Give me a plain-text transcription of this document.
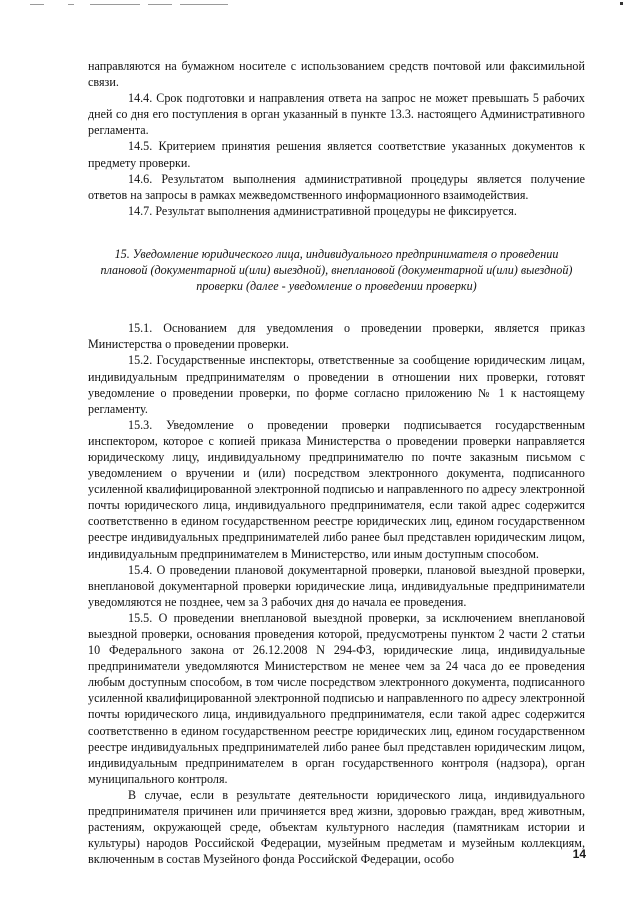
направляются на бумажном носителе с использованием средств почтовой или факсимильной связи.

14.4. Срок подготовки и направления ответа на запрос не может превышать 5 рабочих дней со дня его поступления в орган указанный в пункте 13.3. настоящего Административного регламента.

14.5. Критерием принятия решения является соответствие указанных документов к предмету проверки.

14.6. Результатом выполнения административной процедуры является получение ответов на запросы в рамках межведомственного информационного взаимодействия.

14.7. Результат выполнения административной процедуры не фиксируется.

15. Уведомление юридического лица, индивидуального предпринимателя о проведении плановой (документарной и(или) выездной), внеплановой (документарной и(или) выездной) проверки (далее - уведомление о проведении проверки)

15.1. Основанием для уведомления о проведении проверки, является приказ Министерства о проведении проверки.

15.2. Государственные инспекторы, ответственные за сообщение юридическим лицам, индивидуальным предпринимателям о проведении в отношении них проверки, готовят уведомление о проведении проверки, по форме согласно приложению № 1 к настоящему регламенту.

15.3. Уведомление о проведении проверки подписывается государственным инспектором, которое с копией приказа Министерства о проведении проверки направляется юридическому лицу, индивидуальному предпринимателю по почте заказным письмом с уведомлением о вручении и (или) посредством электронного документа, подписанного усиленной квалифицированной электронной подписью и направленного по адресу электронной почты юридического лица, индивидуального предпринимателя, если такой адрес содержится соответственно в едином государственном реестре юридических лиц, едином государственном реестре индивидуальных предпринимателей либо ранее был представлен юридическим лицом, индивидуальным предпринимателем в Министерство, или иным доступным способом.

15.4. О проведении плановой документарной проверки, плановой выездной проверки, внеплановой документарной проверки юридические лица, индивидуальные предприниматели уведомляются не позднее, чем за 3 рабочих дня до начала ее проведения.

15.5. О проведении внеплановой выездной проверки, за исключением внеплановой выездной проверки, основания проведения которой, предусмотрены пунктом 2 части 2 статьи 10 Федерального закона от 26.12.2008 N 294-ФЗ, юридические лица, индивидуальные предприниматели уведомляются Министерством не менее чем за 24 часа до ее проведения любым доступным способом, в том числе посредством электронного документа, подписанного усиленной квалифицированной электронной подписью и направленного по адресу электронной почты юридического лица, индивидуального предпринимателя, если такой адрес содержится соответственно в едином государственном реестре юридических лиц, едином государственном реестре индивидуальных предпринимателей либо ранее был представлен юридическим лицом, индивидуальным предпринимателем в орган государственного контроля (надзора), орган муниципального контроля.

В случае, если в результате деятельности юридического лица, индивидуального предпринимателя причинен или причиняется вред жизни, здоровью граждан, вред животным, растениям, окружающей среде, объектам культурного наследия (памятникам истории и культуры) народов Российской Федерации, музейным предметам и музейным коллекциям, включенным в состав Музейного фонда Российской Федерации, особо	14
